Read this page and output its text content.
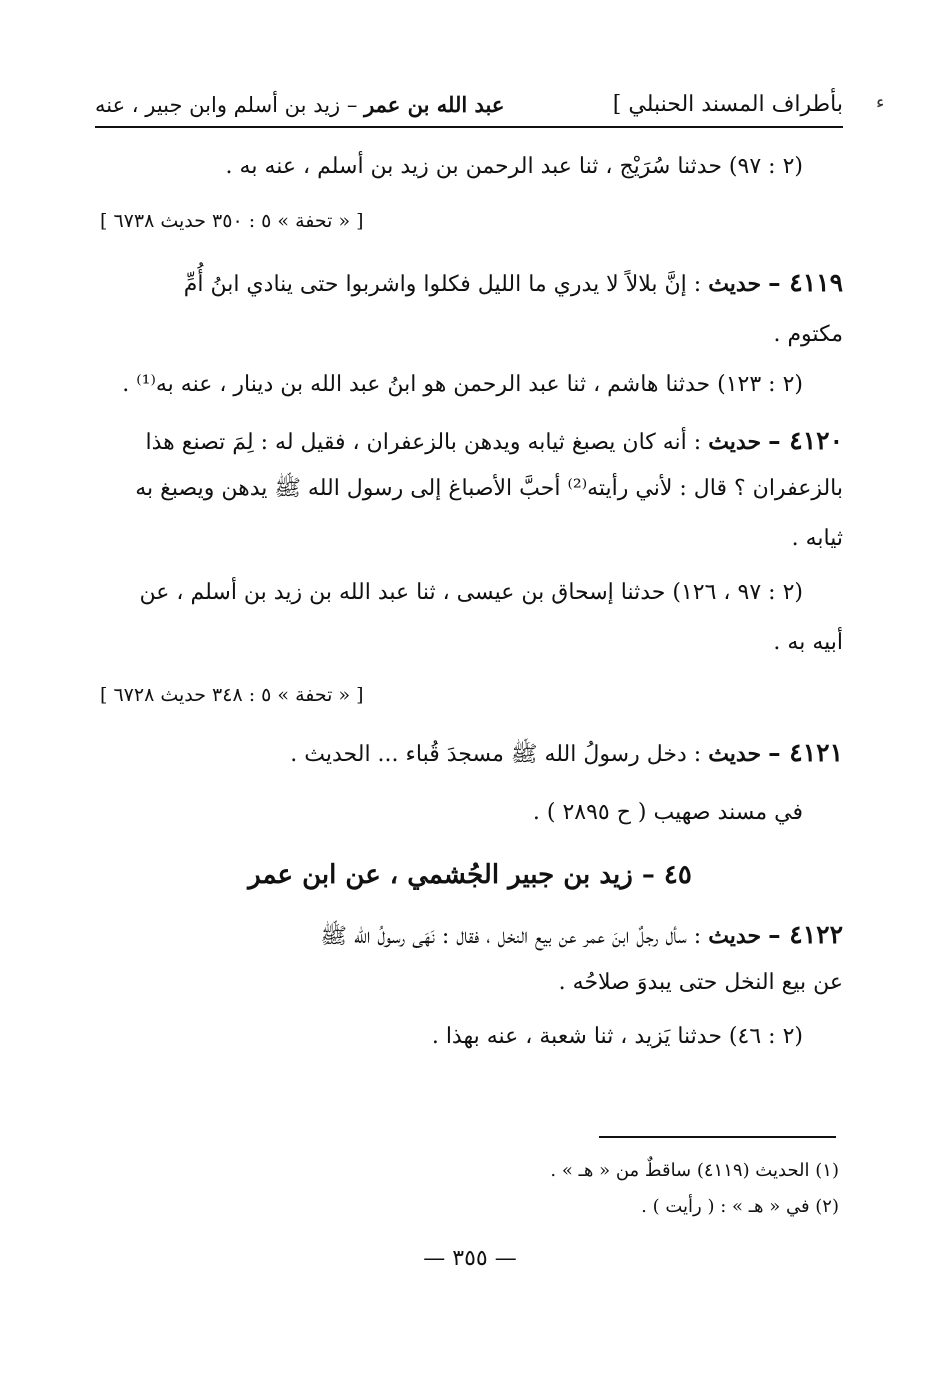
ﺀ
بأطراف المسند الحنبلي ]
عبد الله بن عمر – زيد بن أسلم وابن جبير ، عنه
(٢ : ٩٧) حدثنا سُرَيْج ، ثنا عبد الرحمن بن زيد بن أسلم ، عنه به .
[ « تحفة » ٥ : ٣٥٠ حديث ٦٧٣٨ ]
٤١١٩ – حديث : إنَّ بلالاً لا يدري ما الليل فكلوا واشربوا حتى ينادي ابنُ أُمِّ
مكتوم .
(٢ : ١٢٣) حدثنا هاشم ، ثنا عبد الرحمن هو ابنُ عبد الله بن دينار ، عنه به⁽¹⁾ .
٤١٢٠ – حديث : أنه كان يصبغ ثيابه ويدهن بالزعفران ، فقيل له : لِمَ تصنع هذا
بالزعفران ؟ قال : لأني رأيته⁽²⁾ أحبَّ الأصباغ إلى رسول الله ﷺ يدهن ويصبغ به
ثيابه .
(٢ : ٩٧ ، ١٢٦) حدثنا إسحاق بن عيسى ، ثنا عبد الله بن زيد بن أسلم ، عن
أبيه به .
[ « تحفة » ٥ : ٣٤٨ حديث ٦٧٢٨ ]
٤١٢١ – حديث : دخل رسولُ الله ﷺ مسجدَ قُباء ... الحديث .
في مسند صهيب ( ح ٢٨٩٥ ) .
٤٥ – زيد بن جبير الجُشمي ، عن ابن عمر
٤١٢٢ – حديث : سأل رجلٌ ابنَ عمر عن بيع النخل ، فقال : نَهَى رسولُ الله ﷺ
عن بيع النخل حتى يبدوَ صلاحُه .
(٢ : ٤٦) حدثنا يَزيد ، ثنا شعبة ، عنه بهذا .
(١) الحديث (٤١١٩) ساقطٌ من « هـ » .
(٢) في « هـ » : ( رأيت ) .
— ٣٥٥ —
